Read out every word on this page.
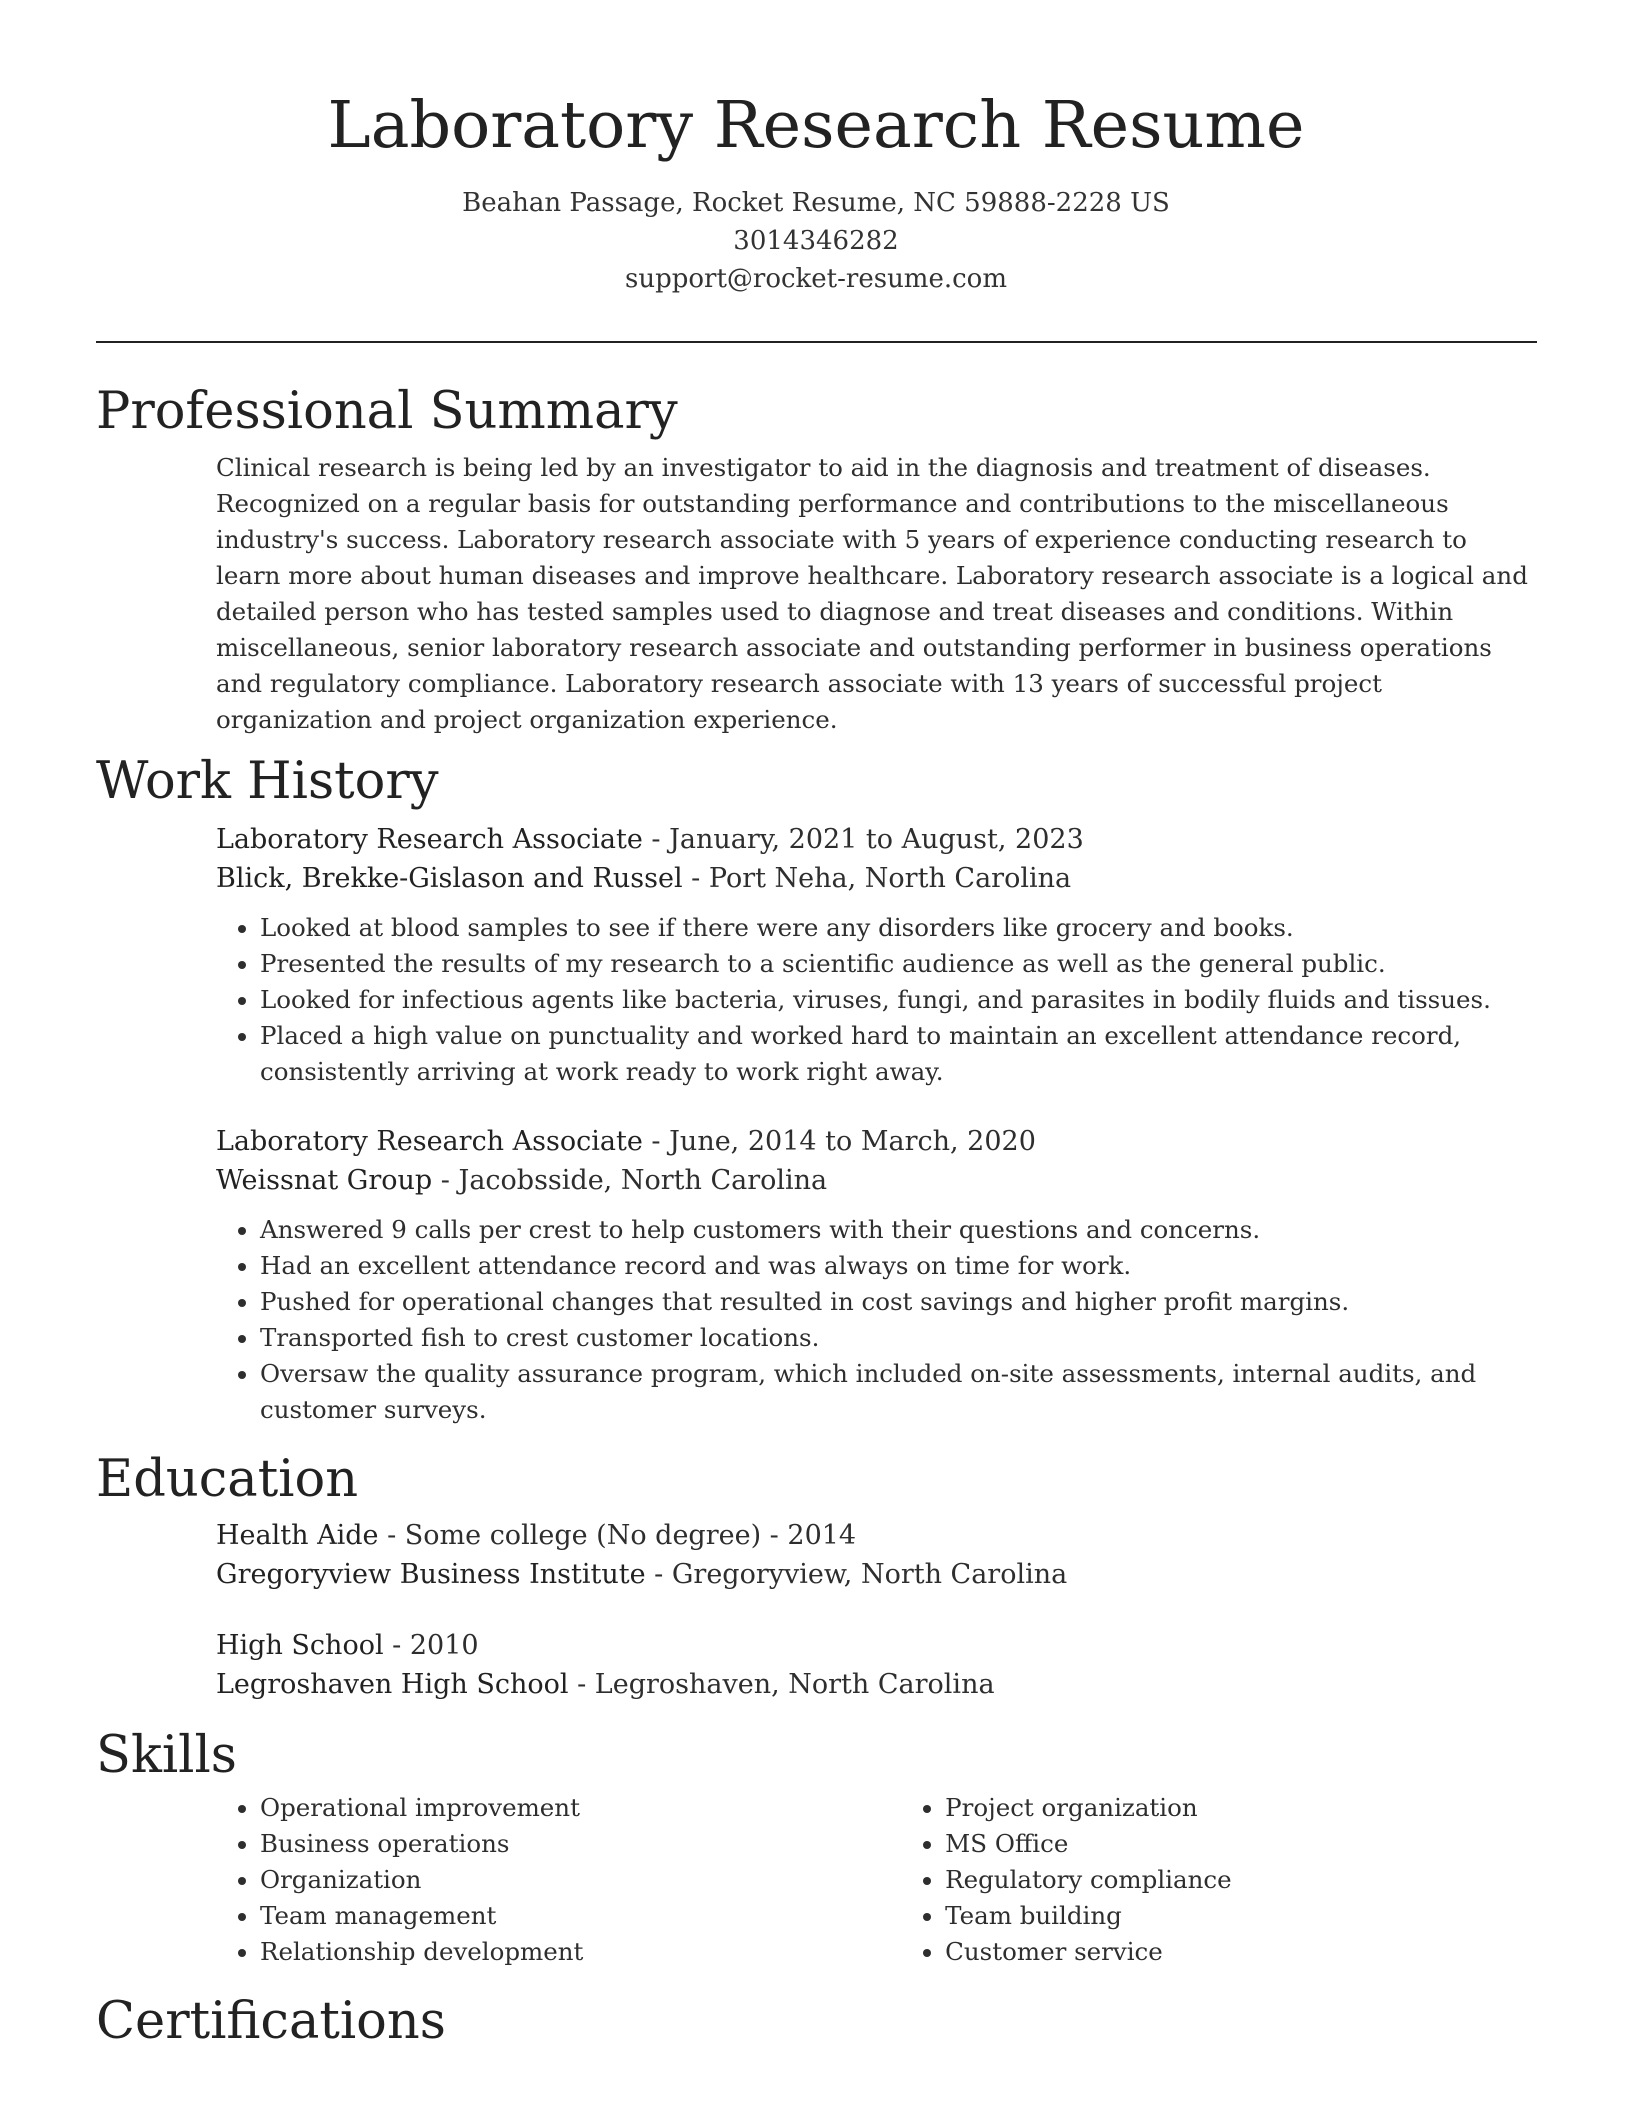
Laboratory Research Resume
Beahan Passage, Rocket Resume, NC 59888-2228 US
3014346282
support@rocket-resume.com
Professional Summary

Clinical research is being led by an investigator to aid in the diagnosis and treatment of diseases. Recognized on a regular basis for outstanding performance and contributions to the miscellaneous industry's success. Laboratory research associate with 5 years of experience conducting research to learn more about human diseases and improve healthcare. Laboratory research associate is a logical and detailed person who has tested samples used to diagnose and treat diseases and conditions. Within miscellaneous, senior laboratory research associate and outstanding performer in business operations and regulatory compliance. Laboratory research associate with 13 years of successful project organization and project organization experience.

Work History
Laboratory Research Associate - January, 2021 to August, 2023
Blick, Brekke-Gislason and Russel - Port Neha, North Carolina
• Looked at blood samples to see if there were any disorders like grocery and books.
• Presented the results of my research to a scientific audience as well as the general public.
• Looked for infectious agents like bacteria, viruses, fungi, and parasites in bodily fluids and tissues.
• Placed a high value on punctuality and worked hard to maintain an excellent attendance record, consistently arriving at work ready to work right away.
Laboratory Research Associate - June, 2014 to March, 2020
Weissnat Group - Jacobsside, North Carolina
• Answered 9 calls per crest to help customers with their questions and concerns.
• Had an excellent attendance record and was always on time for work.
• Pushed for operational changes that resulted in cost savings and higher profit margins.
• Transported fish to crest customer locations.
• Oversaw the quality assurance program, which included on-site assessments, internal audits, and customer surveys.
Education
Health Aide - Some college (No degree) - 2014
Gregoryview Business Institute - Gregoryview, North Carolina
High School - 2010
Legroshaven High School - Legroshaven, North Carolina
Skills
• Operational improvement
• Business operations
• Organization
• Team management
• Relationship development
• Project organization
• MS Office
• Regulatory compliance
• Team building
• Customer service
Certifications
